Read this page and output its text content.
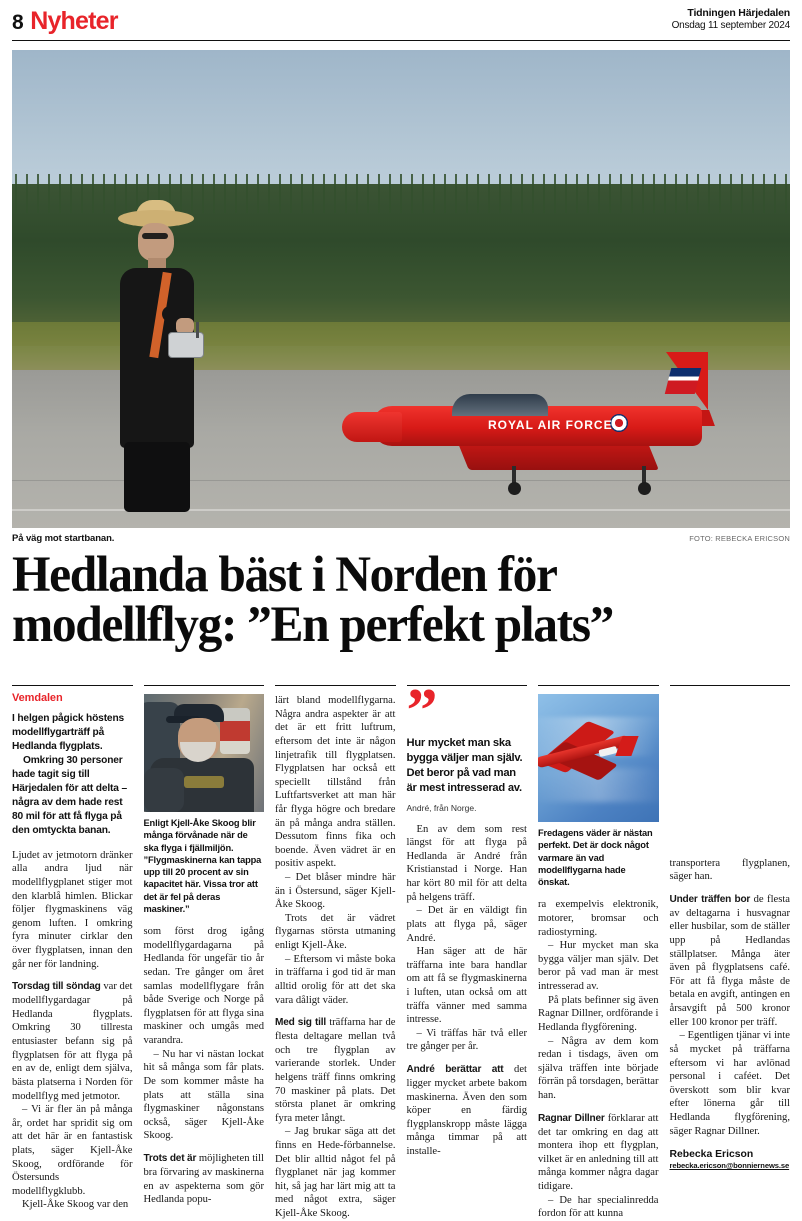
8 Nyheter	Tidningen Härjedalen
Onsdag 11 september 2024
ROYAL AIR FORCE
På väg mot startbanan.	FOTO: REBECKA ERICSON
Hedlanda bäst i Norden för
modellflyg: ”En perfekt plats”
Vemdalen
I helgen pågick höstens modellflygarträff på Hedlanda flygplats.
Omkring 30 personer hade tagit sig till Härjedalen för att delta – några av dem hade rest 80 mil för att få flyga på den omtyckta banan.

Ljudet av jetmotorn dränker alla andra ljud när modellflygplanet stiger mot den klarblå himlen. Blickar följer flygmaskinens väg genom luften. I omkring fyra minuter cirklar den över flygplatsen, innan den går ner för landning.

Torsdag till söndag var det modellflygardagar på Hedlanda flygplats. Omkring 30 tillresta entusiaster befann sig på flygplatsen för att flyga på en av de, enligt dem själva, bästa platserna i Norden för modellflyg med jetmotor.

– Vi är fler än på många år, ordet har spridit sig om att det här är en fantastisk plats, säger Kjell-Åke Skoog, ordförande för Östersunds modellflygklubb.

Kjell-Åke Skoog var den

Enligt Kjell-Åke Skoog blir många förvånade när de ska flyga i fjällmiljön. ”Flygmaskinerna kan tappa upp till 20 procent av sin kapacitet här. Vissa tror att det är fel på deras maskiner.”

som först drog igång modellflygardagarna på Hedlanda för ungefär tio år sedan. Tre gånger om året samlas modellflygare från både Sverige och Norge på flygplatsen för att flyga sina maskiner och umgås med varandra.

– Nu har vi nästan lockat hit så många som får plats. De som kommer måste ha plats att ställa sina flygmaskiner någonstans också, säger Kjell-Åke Skoog.

Trots det är möjligheten till bra förvaring av maskinerna en av aspekterna som gör Hedlanda popu-

lärt bland modellflygarna. Några andra aspekter är att det är ett fritt luftrum, eftersom det inte är någon linjetrafik till flygplatsen. Flygplatsen har också ett speciellt tillstånd från Luftfartsverket att man här får flyga högre och bredare än på många andra ställen. Dessutom finns fika och boende. Även vädret är en positiv aspekt.

– Det blåser mindre här än i Östersund, säger Kjell-Åke Skoog.

Trots det är vädret flygarnas största utmaning enligt Kjell-Åke.

– Eftersom vi måste boka in träffarna i god tid är man alltid orolig för att det ska vara dåligt väder.

Med sig till träffarna har de flesta deltagare mellan två och tre flygplan av varierande storlek. Under helgens träff finns omkring 70 maskiner på plats. Det största planet är omkring fyra meter långt.

– Jag brukar säga att det finns en Hede-förbannelse. Det blir alltid något fel på flygplanet när jag kommer hit, så jag har lärt mig att ta med något extra, säger Kjell-Åke Skoog.

”
Hur mycket man ska bygga väljer man själv. Det beror på vad man är mest intresserad av.
André, från Norge.

En av dem som rest längst för att flyga på Hedlanda är André från Kristianstad i Norge. Han har kört 80 mil för att delta på helgens träff.

– Det är en väldigt fin plats att flyga på, säger André.

Han säger att de här träffarna inte bara handlar om att få se flygmaskinerna i luften, utan också om att träffa vänner med samma intresse.

– Vi träffas här två eller tre gånger per år.

André berättar att det ligger mycket arbete bakom maskinerna. Även den som köper en färdig flygplanskropp måste lägga många timmar på att installe-

Fredagens väder är nästan perfekt. Det är dock något varmare än vad modellflygarna hade önskat.

ra exempelvis elektronik, motorer, bromsar och radiostyrning.

– Hur mycket man ska bygga väljer man själv. Det beror på vad man är mest intresserad av.

På plats befinner sig även Ragnar Dillner, ordförande i Hedlanda flygförening.

– Några av dem kom redan i tisdags, även om själva träffen inte började förrän på torsdagen, berättar han.

Ragnar Dillner förklarar att det tar omkring en dag att montera ihop ett flygplan, vilket är en anledning till att många kommer några dagar tidigare.

– De har specialinredda fordon för att kunna

transportera flygplanen, säger han.

Under träffen bor de flesta av deltagarna i husvagnar eller husbilar, som de ställer upp på Hedlandas ställplatser. Många äter även på flygplatsens café. För att få flyga måste de betala en avgift, antingen en årsavgift på 500 kronor eller 100 kronor per träff.

– Egentligen tjänar vi inte så mycket på träffarna eftersom vi har avlönad personal i caféet. Det överskott som blir kvar efter lönerna går till Hedlanda flygförening, säger Ragnar Dillner.

Rebecka Ericson
rebecka.ericson@bonniernews.se
